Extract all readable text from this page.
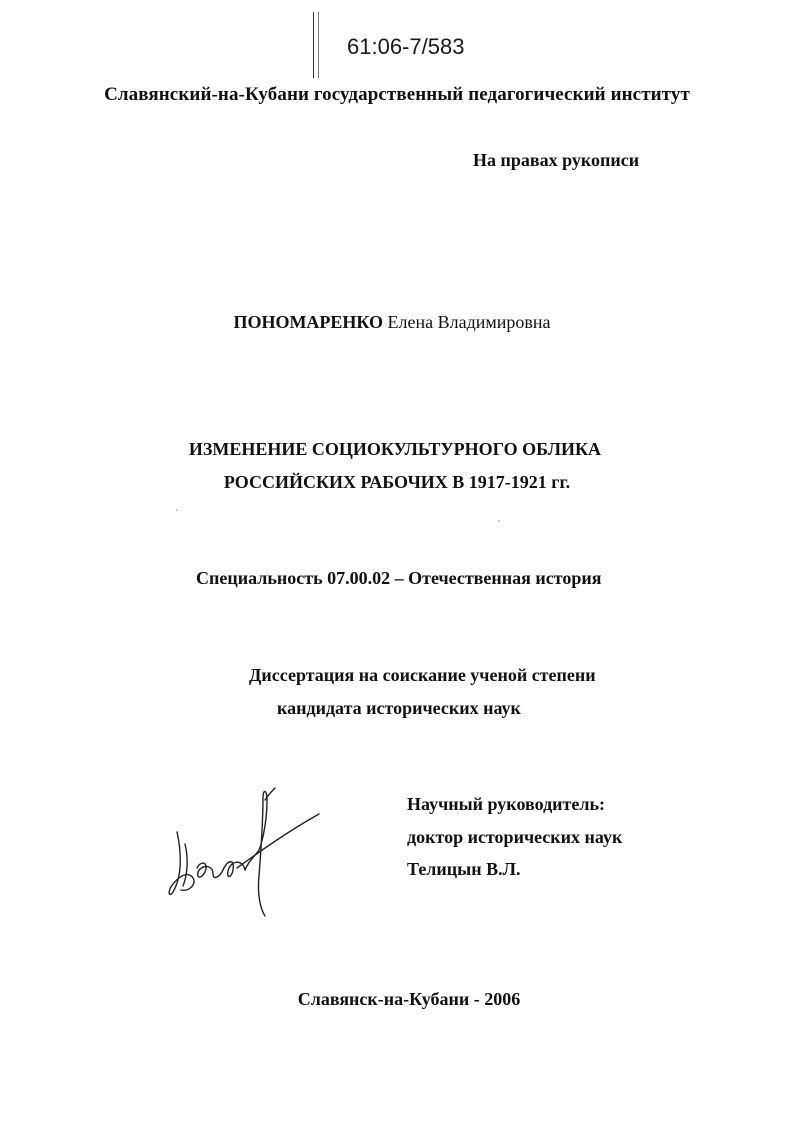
61:06-7/583
Славянский-на-Кубани государственный педагогический институт
На правах рукописи
ПОНОМАРЕНКО Елена Владимировна
ИЗМЕНЕНИЕ СОЦИОКУЛЬТУРНОГО ОБЛИКА
РОССИЙСКИХ РАБОЧИХ В 1917-1921 гг.
Специальность 07.00.02 – Отечественная история
Диссертация на соискание ученой степени
кандидата исторических наук
Научный руководитель:
доктор исторических наук
Телицын В.Л.
Славянск-на-Кубани - 2006
